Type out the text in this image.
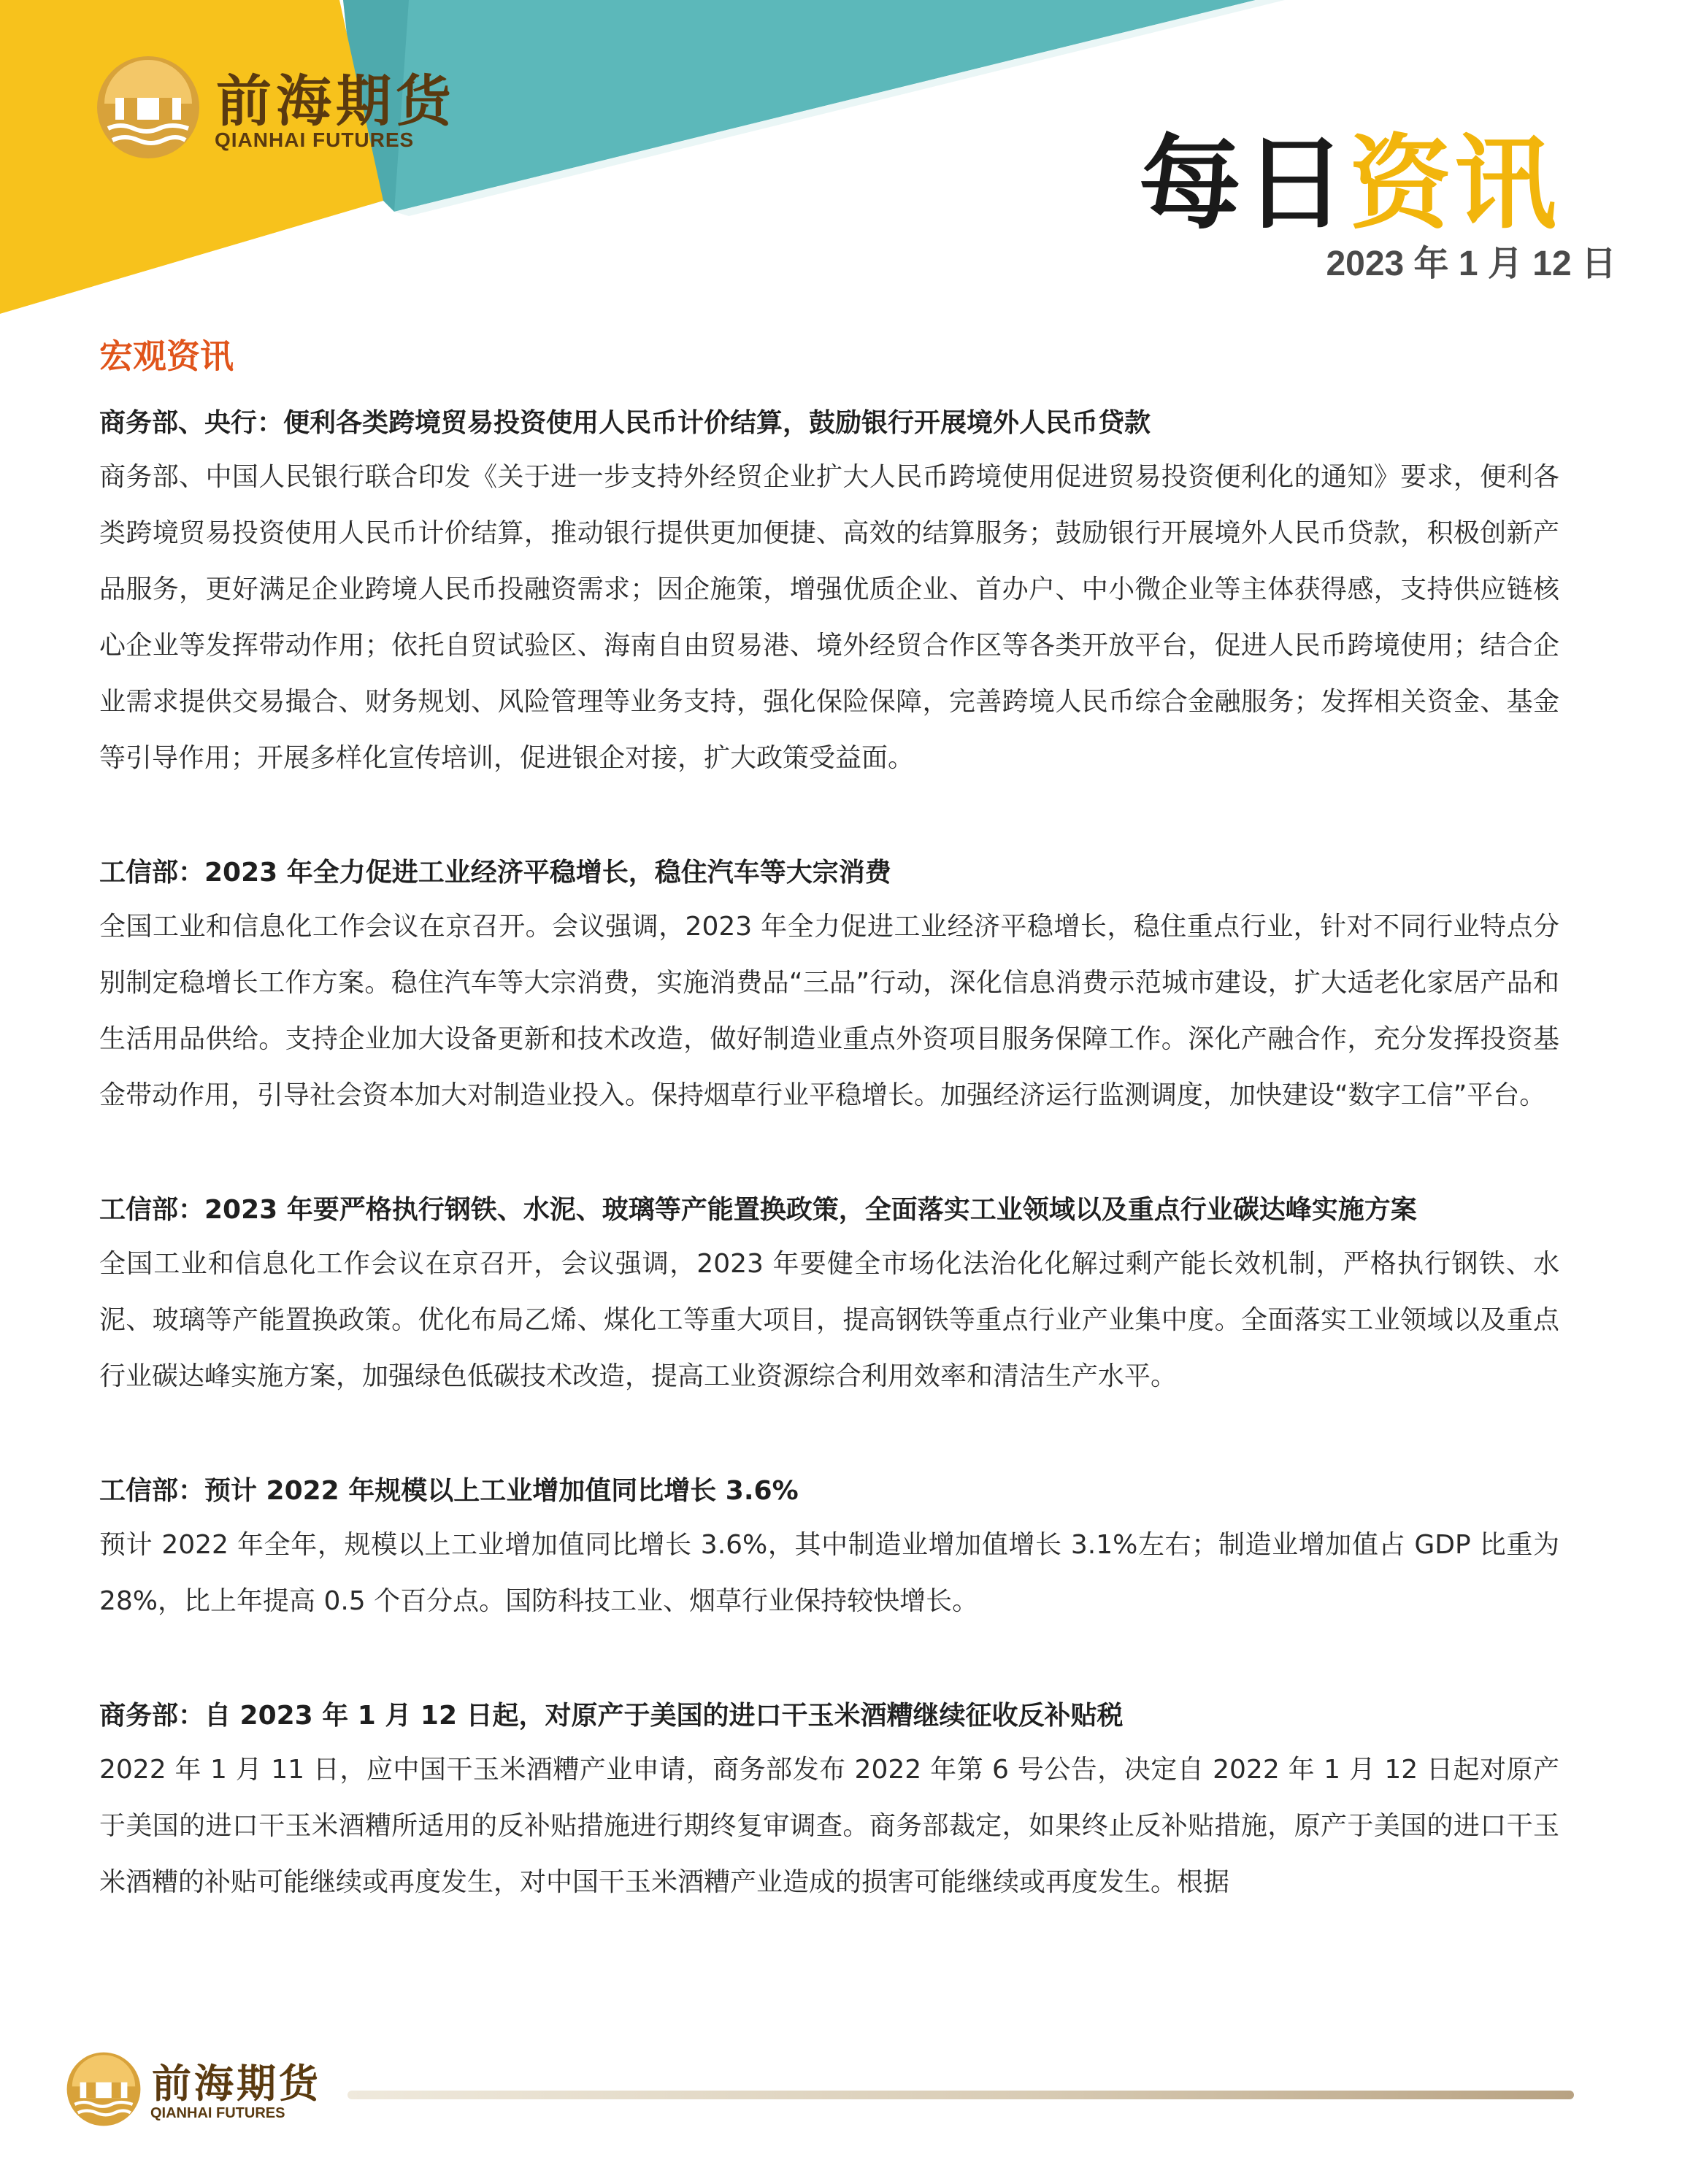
前海期货
QIANHAI FUTURES	每日资讯
2023 年 1 月 12 日
宏观资讯
商务部、央行：便利各类跨境贸易投资使用人民币计价结算，鼓励银行开展境外人民币贷款
商务部、中国人民银行联合印发《关于进一步支持外经贸企业扩大人民币跨境使用促进贸易投资便利化的通知》要求，便利各类跨境贸易投资使用人民币计价结算，推动银行提供更加便捷、高效的结算服务；鼓励银行开展境外人民币贷款，积极创新产品服务，更好满足企业跨境人民币投融资需求；因企施策，增强优质企业、首办户、中小微企业等主体获得感，支持供应链核心企业等发挥带动作用；依托自贸试验区、海南自由贸易港、境外经贸合作区等各类开放平台，促进人民币跨境使用；结合企业需求提供交易撮合、财务规划、风险管理等业务支持，强化保险保障，完善跨境人民币综合金融服务；发挥相关资金、基金等引导作用；开展多样化宣传培训，促进银企对接，扩大政策受益面。
工信部：2023 年全力促进工业经济平稳增长，稳住汽车等大宗消费
全国工业和信息化工作会议在京召开。会议强调，2023 年全力促进工业经济平稳增长，稳住重点行业，针对不同行业特点分别制定稳增长工作方案。稳住汽车等大宗消费，实施消费品“三品”行动，深化信息消费示范城市建设，扩大适老化家居产品和生活用品供给。支持企业加大设备更新和技术改造，做好制造业重点外资项目服务保障工作。深化产融合作，充分发挥投资基金带动作用，引导社会资本加大对制造业投入。保持烟草行业平稳增长。加强经济运行监测调度，加快建设“数字工信”平台。
工信部：2023 年要严格执行钢铁、水泥、玻璃等产能置换政策，全面落实工业领域以及重点行业碳达峰实施方案
全国工业和信息化工作会议在京召开，会议强调，2023 年要健全市场化法治化化解过剩产能长效机制，严格执行钢铁、水泥、玻璃等产能置换政策。优化布局乙烯、煤化工等重大项目，提高钢铁等重点行业产业集中度。全面落实工业领域以及重点行业碳达峰实施方案，加强绿色低碳技术改造，提高工业资源综合利用效率和清洁生产水平。
工信部：预计 2022 年规模以上工业增加值同比增长 3.6%
预计 2022 年全年，规模以上工业增加值同比增长 3.6%，其中制造业增加值增长 3.1%左右；制造业增加值占 GDP 比重为 28%，比上年提高 0.5 个百分点。国防科技工业、烟草行业保持较快增长。
商务部：自 2023 年 1 月 12 日起，对原产于美国的进口干玉米酒糟继续征收反补贴税
2022 年 1 月 11 日，应中国干玉米酒糟产业申请，商务部发布 2022 年第 6 号公告，决定自 2022 年 1 月 12 日起对原产于美国的进口干玉米酒糟所适用的反补贴措施进行期终复审调查。商务部裁定，如果终止反补贴措施，原产于美国的进口干玉米酒糟的补贴可能继续或再度发生，对中国干玉米酒糟产业造成的损害可能继续或再度发生。根据
前海期货
QIANHAI FUTURES
